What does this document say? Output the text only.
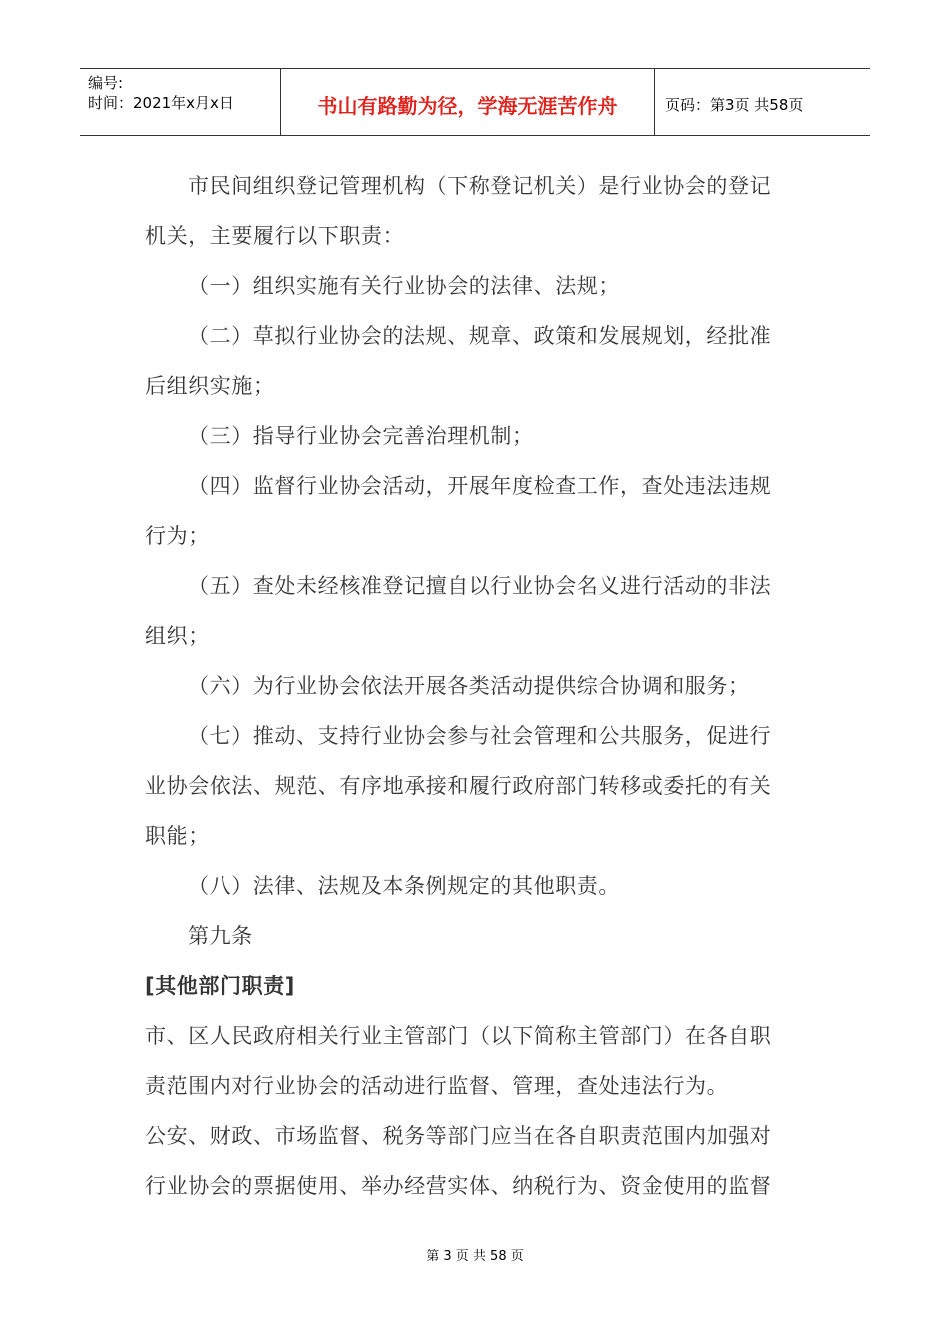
编号:
时间：2021年x月x日	书山有路勤为径，学海无涯苦作舟	页码：第3页 共58页

市民间组织登记管理机构（下称登记机关）是行业协会的登记

机关，主要履行以下职责：

（一）组织实施有关行业协会的法律、法规；

（二）草拟行业协会的法规、规章、政策和发展规划，经批准

后组织实施；

（三）指导行业协会完善治理机制；

（四）监督行业协会活动，开展年度检查工作，查处违法违规

行为；

（五）查处未经核准登记擅自以行业协会名义进行活动的非法

组织；

（六）为行业协会依法开展各类活动提供综合协调和服务；

（七）推动、支持行业协会参与社会管理和公共服务，促进行

业协会依法、规范、有序地承接和履行政府部门转移或委托的有关

职能；

（八）法律、法规及本条例规定的其他职责。

第九条

[其他部门职责]

市、区人民政府相关行业主管部门（以下简称主管部门）在各自职

责范围内对行业协会的活动进行监督、管理，查处违法行为。

公安、财政、市场监督、税务等部门应当在各自职责范围内加强对

行业协会的票据使用、举办经营实体、纳税行为、资金使用的监督

第 3 页 共 58 页
